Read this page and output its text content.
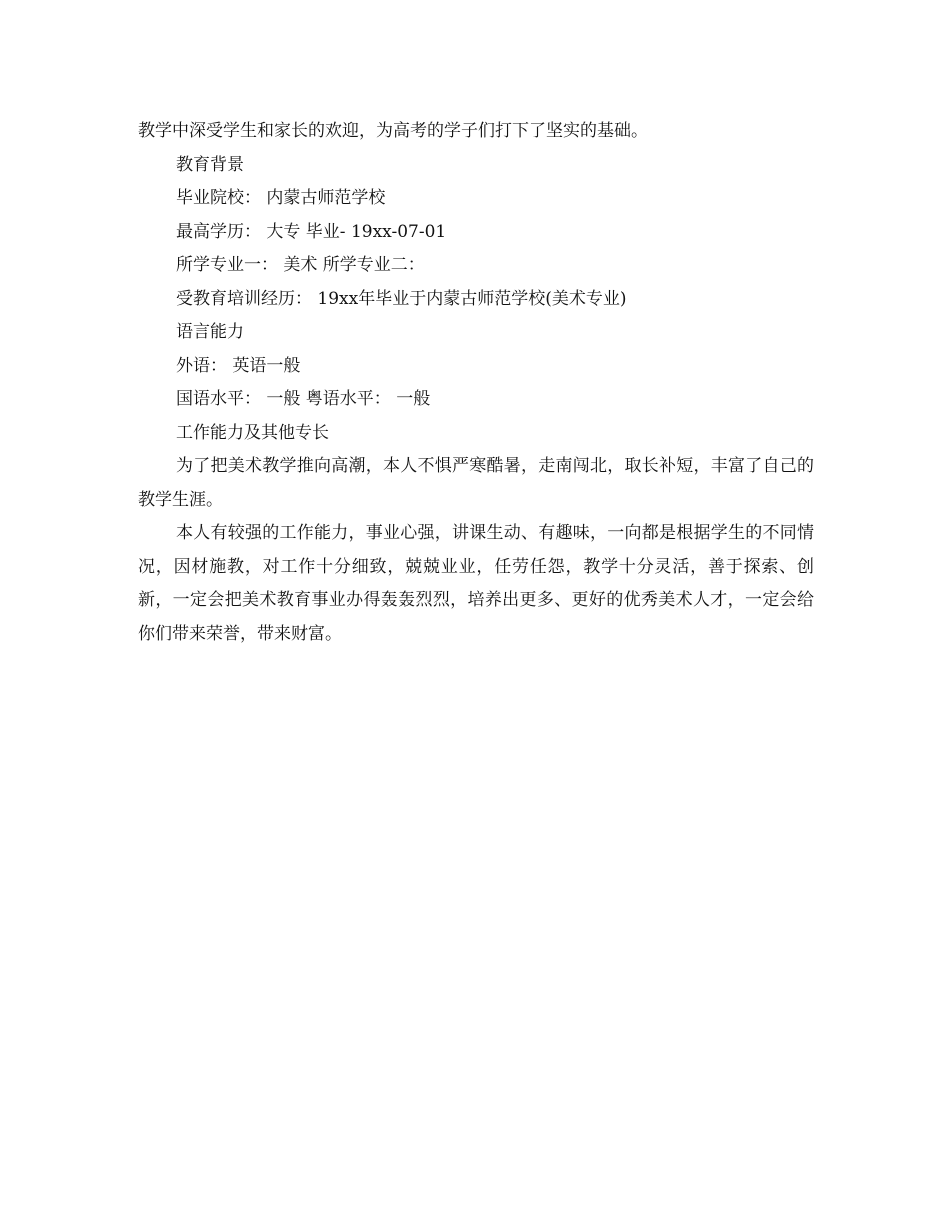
教学中深受学生和家长的欢迎，为高考的学子们打下了坚实的基础。
教育背景
毕业院校： 内蒙古师范学校
最高学历： 大专 毕业- 19xx-07-01
所学专业一： 美术 所学专业二：
受教育培训经历： 19xx年毕业于内蒙古师范学校(美术专业)
语言能力
外语： 英语一般
国语水平： 一般 粤语水平： 一般
工作能力及其他专长
为了把美术教学推向高潮，本人不惧严寒酷暑，走南闯北，取长补短，丰富了自己的教学生涯。
本人有较强的工作能力，事业心强，讲课生动、有趣味，一向都是根据学生的不同情况，因材施教，对工作十分细致，兢兢业业，任劳任怨，教学十分灵活，善于探索、创新，一定会把美术教育事业办得轰轰烈烈，培养出更多、更好的优秀美术人才，一定会给你们带来荣誉，带来财富。
